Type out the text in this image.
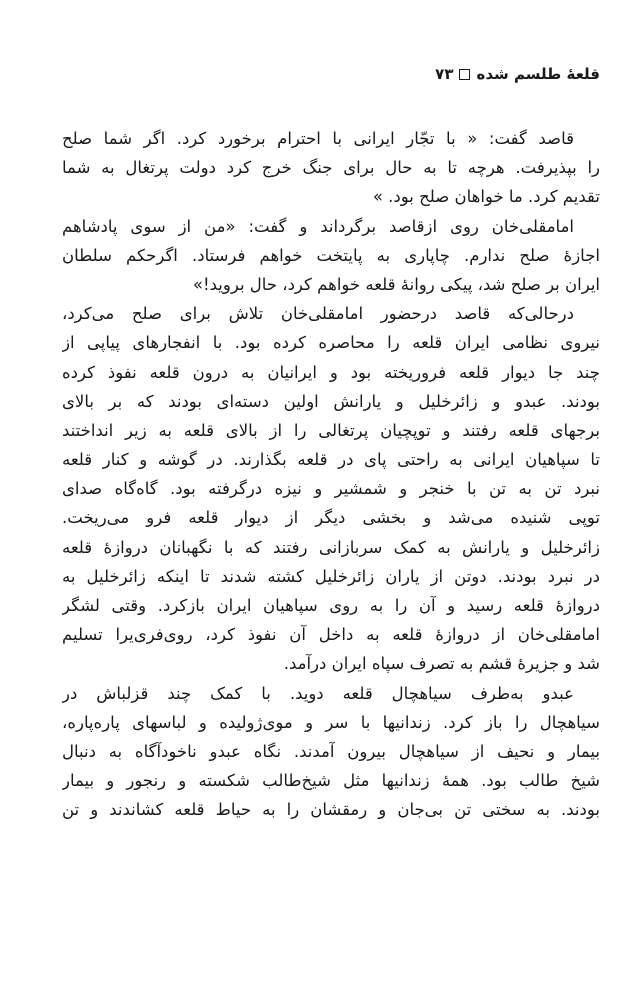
قلعهٔ طلسم شده
۷۳
قاصد گفت: « با تجّار ایرانی با احترام برخورد کرد. اگر شما صلح
را بپذیرفت. هرچه تا به حال برای جنگ خرج کرد دولت پرتغال به شما
تقدیم کرد. ما خواهان صلح بود. »
امامقلی‌خان روی ازقاصد برگرداند و گفت: «من از سوی پادشاهم
اجازهٔ صلح ندارم. چاپاری به پایتخت خواهم فرستاد. اگرحکم سلطان
ایران بر صلح شد، پیکی روانهٔ قلعه خواهم کرد، حال بروید!»
درحالی‌که قاصد درحضور امامقلی‌خان تلاش برای صلح می‌کرد،
نیروی نظامی ایران قلعه را محاصره کرده بود. با انفجارهای پیاپی از
چند جا دیوار قلعه فروریخته بود و ایرانیان به درون قلعه نفوذ کرده
بودند. عبدو و زائرخلیل و یارانش اولین دسته‌ای بودند که بر بالای
برجهای قلعه رفتند و توپچیان پرتغالی را از بالای قلعه به زیر انداختند
تا سپاهیان ایرانی به راحتی پای در قلعه بگذارند. در گوشه و کنار قلعه
نبرد تن به تن با خنجر و شمشیر و نیزه درگرفته بود. گاه‌گاه صدای
توپی شنیده می‌شد و بخشی دیگر از دیوار قلعه فرو می‌ریخت.
زائرخلیل و یارانش به کمک سربازانی رفتند که با نگهبانان دروازهٔ قلعه
در نبرد بودند. دوتن از یاران زائرخلیل کشته شدند تا اینکه زائرخلیل به
دروازهٔ قلعه رسید و آن را به روی سپاهیان ایران بازکرد. وقتی لشگر
امامقلی‌خان از دروازهٔ قلعه به داخل آن نفوذ کرد، روی‌فری‌یرا تسلیم
شد و جزیرهٔ قشم به تصرف سپاه ایران درآمد.
عبدو به‌طرف سیاهچال قلعه دوید. با کمک چند قزلباش در
سیاهچال را باز کرد. زندانیها با سر و موی‌ژولیده و لباسهای پاره‌پاره،
بیمار و نحیف از سیاهچال بیرون آمدند. نگاه عبدو ناخودآگاه به دنبال
شیخ طالب بود. همهٔ زندانیها مثل شیخ‌طالب شکسته و رنجور و بیمار
بودند. به سختی تن بی‌جان و رمقشان را به حیاط قلعه کشاندند و تن
